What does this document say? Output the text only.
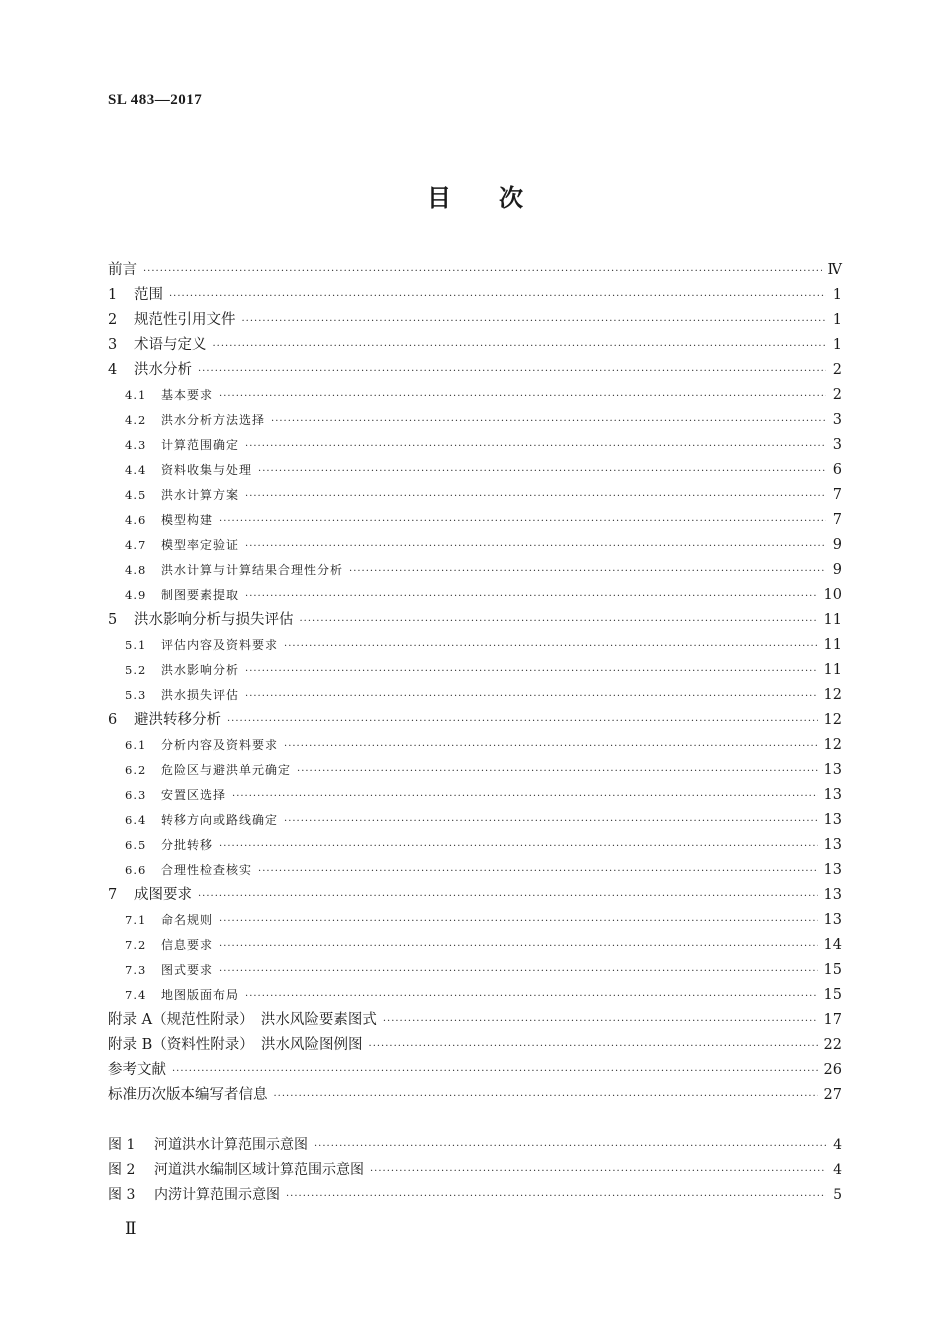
SL 483—2017
目次
前言 ·····	Ⅳ
1	范围 ·····	1
2	规范性引用文件 ·····	1
3	术语与定义 ·····	1
4	洪水分析 ·····	2
4.1	基本要求 ·····	2
4.2	洪水分析方法选择 ·····	3
4.3	计算范围确定 ·····	3
4.4	资料收集与处理 ·····	6
4.5	洪水计算方案 ·····	7
4.6	模型构建 ·····	7
4.7	模型率定验证 ·····	9
4.8	洪水计算与计算结果合理性分析 ·····	9
4.9	制图要素提取 ·····	10
5	洪水影响分析与损失评估 ·····	11
5.1	评估内容及资料要求 ·····	11
5.2	洪水影响分析 ·····	11
5.3	洪水损失评估 ·····	12
6	避洪转移分析 ·····	12
6.1	分析内容及资料要求 ·····	12
6.2	危险区与避洪单元确定 ·····	13
6.3	安置区选择 ·····	13
6.4	转移方向或路线确定 ·····	13
6.5	分批转移 ·····	13
6.6	合理性检查核实 ·····	13
7	成图要求 ·····	13
7.1	命名规则 ·····	13
7.2	信息要求 ·····	14
7.3	图式要求 ·····	15
7.4	地图版面布局 ·····	15
附录 A（规范性附录）　洪水风险要素图式 ·····	17
附录 B（资料性附录）　洪水风险图例图 ·····	22
参考文献 ·····	26
标准历次版本编写者信息 ·····	27
图 1	河道洪水计算范围示意图 ·····	4
图 2	河道洪水编制区域计算范围示意图 ·····	4
图 3	内涝计算范围示意图 ·····	5
Ⅱ
